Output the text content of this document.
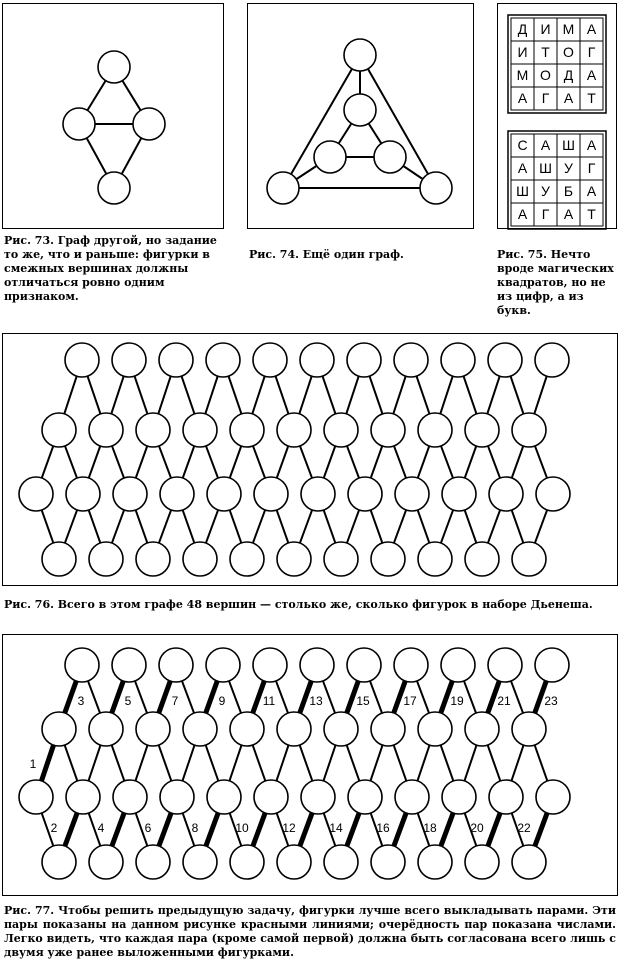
Рис. 73. Граф другой, но задание то же, что и раньше: фигурки в смежных вершинах должны отличаться ровно одним признаком.
Рис. 74. Ещё один граф.
Д И М А
И Т О Г
М О Д А
А Г А Т
С А Ш А
А Ш У Г
Ш У Б А
А Г А Т
Рис. 75. Нечто вроде магических квадратов, но не из цифр, а из букв.
Рис. 76. Всего в этом графе 48 вершин — столько же, сколько фигурок в наборе Дьенеша.
1
3	5	7	9	11	13	15	17	19	21	23
2	4	6	8	10	12	14	16	18	20	22
Рис. 77. Чтобы решить предыдущую задачу, фигурки лучше всего выкладывать парами. Эти пары показаны на данном рисунке красными линиями; очерёдность пар показана числами. Легко видеть, что каждая пара (кроме самой первой) должна быть согласована всего лишь с двумя уже ранее выложенными фигурками.
